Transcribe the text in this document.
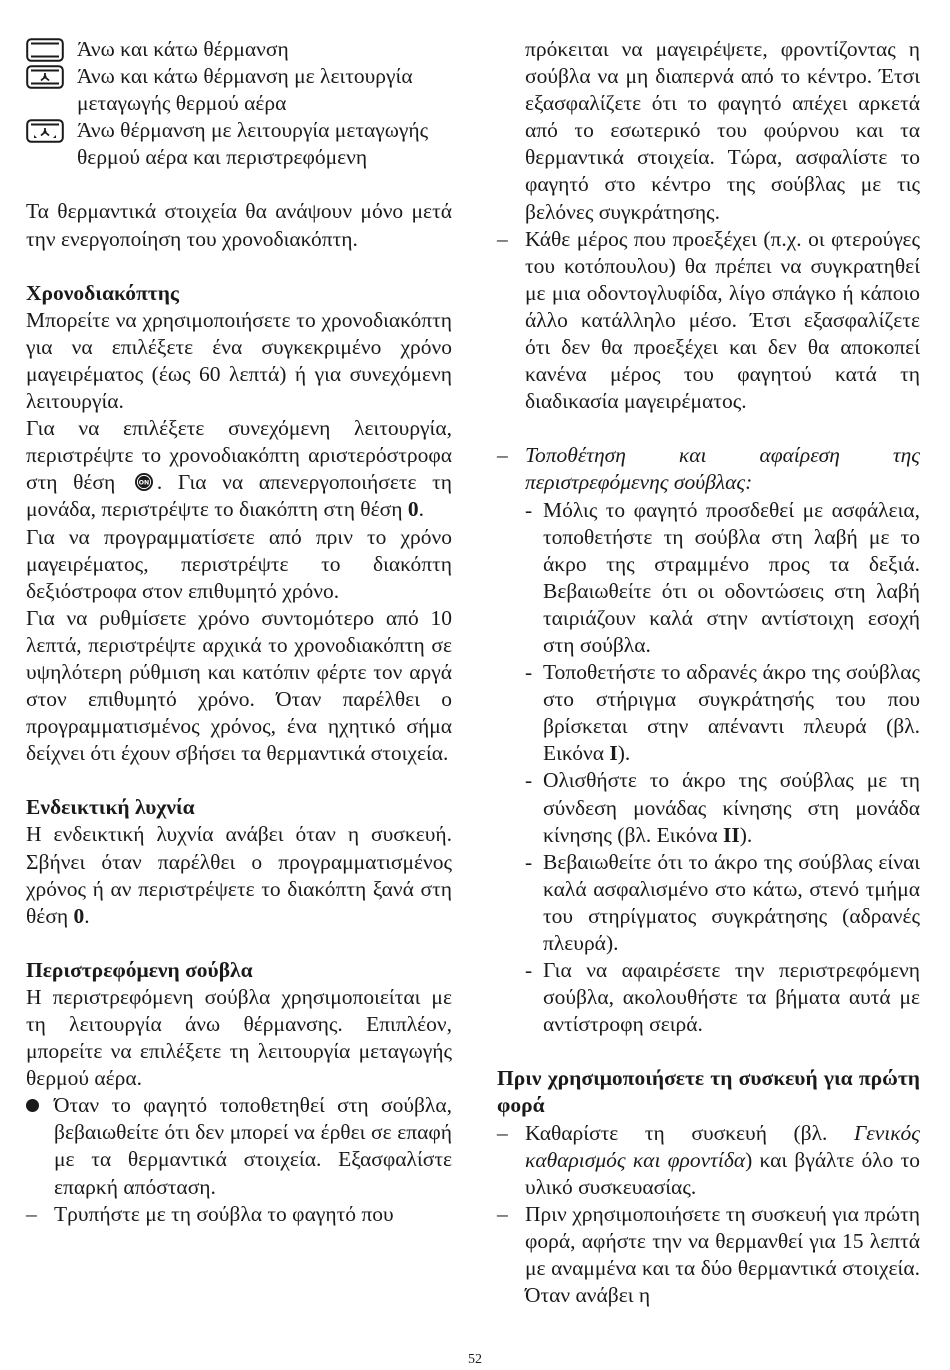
Άνω και κάτω θέρμανση
Άνω και κάτω θέρμανση με λειτουργία μεταγωγής θερμού αέρα
Άνω θέρμανση με λειτουργία μεταγωγής θερμού αέρα και περιστρεφόμενη

Τα θερμαντικά στοιχεία θα ανάψουν μόνο μετά την ενεργοποίηση του χρονοδιακόπτη.

Χρονοδιακόπτης

Μπορείτε να χρησιμοποιήσετε το χρονοδιακόπτη για να επιλέξετε ένα συγκεκριμένο χρόνο μαγειρέματος (έως 60 λεπτά) ή για συνεχόμενη λειτουργία.

Για να επιλέξετε συνεχόμενη λειτουργία, περιστρέψτε το χρονοδιακόπτη αριστερόστροφα στη θέση	ON . Για να απενεργοποιήσετε τη μονάδα, περιστρέψτε το διακόπτη στη θέση 0.

Για να προγραμματίσετε από πριν το χρόνο μαγειρέματος, περιστρέψτε το διακόπτη δεξιόστροφα στον επιθυμητό χρόνο.

Για να ρυθμίσετε χρόνο συντομότερο από 10 λεπτά, περιστρέψτε αρχικά το χρονοδιακόπτη σε υψηλότερη ρύθμιση και κατόπιν φέρτε τον αργά στον επιθυμητό χρόνο. Όταν παρέλθει ο προγραμματισμένος χρόνος, ένα ηχητικό σήμα δείχνει ότι έχουν σβήσει τα θερμαντικά στοιχεία.

Ενδεικτική λυχνία

Η ενδεικτική λυχνία ανάβει όταν η συσκευή. Σβήνει όταν παρέλθει ο προγραμματισμένος χρόνος ή αν περιστρέψετε το διακόπτη ξανά στη θέση 0.

Περιστρεφόμενη σούβλα

Η περιστρεφόμενη σούβλα χρησιμοποιείται με τη λειτουργία άνω θέρμανσης. Επιπλέον, μπορείτε να επιλέξετε τη λειτουργία μεταγωγής θερμού αέρα.

Όταν το φαγητό τοποθετηθεί στη σούβλα, βεβαιωθείτε ότι δεν μπορεί να έρθει σε επαφή με τα θερμαντικά στοιχεία. Εξασφαλίστε επαρκή απόσταση.
– Τρυπήστε με τη σούβλα το φαγητό που
πρόκειται να μαγειρέψετε, φροντίζοντας η σούβλα να μη διαπερνά από το κέντρο. Έτσι εξασφαλίζετε ότι το φαγητό απέχει αρκετά από το εσωτερικό του φούρνου και τα θερμαντικά στοιχεία. Τώρα, ασφαλίστε το φαγητό στο κέντρο της σούβλας με τις βελόνες συγκράτησης.
– Κάθε μέρος που προεξέχει (π.χ. οι φτερούγες του κοτόπουλου) θα πρέπει να συγκρατηθεί με μια οδοντογλυφίδα, λίγο σπάγκο ή κάποιο άλλο κατάλληλο μέσο. Έτσι εξασφαλίζετε ότι δεν θα προεξέχει και δεν θα αποκοπεί κανένα μέρος του φαγητού κατά τη διαδικασία μαγειρέματος.
– Τοποθέτηση και αφαίρεση της περιστρεφόμενης σούβλας:
- Μόλις το φαγητό προσδεθεί με ασφάλεια, τοποθετήστε τη σούβλα στη λαβή με το άκρο της στραμμένο προς τα δεξιά. Βεβαιωθείτε ότι οι οδοντώσεις στη λαβή ταιριάζουν καλά στην αντίστοιχη εσοχή στη σούβλα.
- Τοποθετήστε το αδρανές άκρο της σούβλας στο στήριγμα συγκράτησής του που βρίσκεται στην απέναντι πλευρά (βλ. Εικόνα I).
- Ολισθήστε το άκρο της σούβλας με τη σύνδεση μονάδας κίνησης στη μονάδα κίνησης (βλ. Εικόνα II).
- Βεβαιωθείτε ότι το άκρο της σούβλας είναι καλά ασφαλισμένο στο κάτω, στενό τμήμα του στηρίγματος συγκράτησης (αδρανές πλευρά).
- Για να αφαιρέσετε την περιστρεφόμενη σούβλα, ακολουθήστε τα βήματα αυτά με αντίστροφη σειρά.

Πριν χρησιμοποιήσετε τη συσκευή για πρώτη φορά

– Καθαρίστε τη συσκευή (βλ. Γενικός καθαρισμός και φροντίδα) και βγάλτε όλο το υλικό συσκευασίας.
– Πριν χρησιμοποιήσετε τη συσκευή για πρώτη φορά, αφήστε την να θερμανθεί για 15 λεπτά με αναμμένα και τα δύο θερμαντικά στοιχεία. Όταν ανάβει η
52
